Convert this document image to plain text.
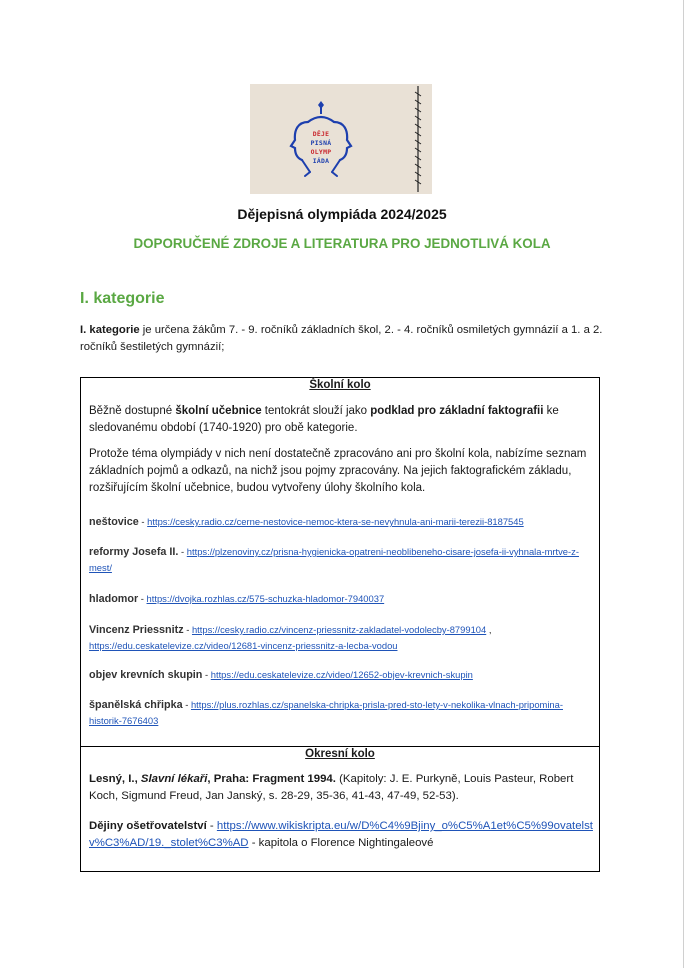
DĚJE
PISNÁ
OLYMP
IÁDA
Dějepisná olympiáda 2024/2025
DOPORUČENÉ ZDROJE A LITERATURA PRO JEDNOTLIVÁ KOLA
I. kategorie
I. kategorie je určena žákům 7. - 9. ročníků základních škol, 2. - 4. ročníků osmiletých gymnázií a 1. a 2. ročníků šestiletých gymnázií;
Školní kolo
Běžně dostupné školní učebnice tentokrát slouží jako podklad pro základní faktografii ke sledovanému období (1740-1920) pro obě kategorie.
Protože téma olympiády v nich není dostatečně zpracováno ani pro školní kola, nabízíme seznam základních pojmů a odkazů, na nichž jsou pojmy zpracovány. Na jejich faktografickém základu, rozšiřujícím školní učebnice, budou vytvořeny úlohy školního kola.
neštovice - https://cesky.radio.cz/cerne-nestovice-nemoc-ktera-se-nevyhnula-ani-marii-terezii-8187545
reformy Josefa II. - https://plzenoviny.cz/prisna-hygienicka-opatreni-neoblibeneho-cisare-josefa-ii-vyhnala-mrtve-z-mest/
hladomor - https://dvojka.rozhlas.cz/575-schuzka-hladomor-7940037
Vincenz Priessnitz - https://cesky.radio.cz/vincenz-priessnitz-zakladatel-vodolecby-8799104 , https://edu.ceskatelevize.cz/video/12681-vincenz-priessnitz-a-lecba-vodou
objev krevních skupin - https://edu.ceskatelevize.cz/video/12652-objev-krevnich-skupin
španělská chřipka - https://plus.rozhlas.cz/spanelska-chripka-prisla-pred-sto-lety-v-nekolika-vlnach-pripomina-historik-7676403
Okresní kolo
Lesný, I., Slavní lékaři, Praha: Fragment 1994. (Kapitoly: J. E. Purkyně, Louis Pasteur, Robert Koch, Sigmund Freud, Jan Janský, s. 28-29, 35-36, 41-43, 47-49, 52-53).
Dějiny ošetřovatelství - https://www.wikiskripta.eu/w/D%C4%9Bjiny_o%C5%A1et%C5%99ovatelstv%C3%AD/19._stolet%C3%AD - kapitola o Florence Nightingaleové
